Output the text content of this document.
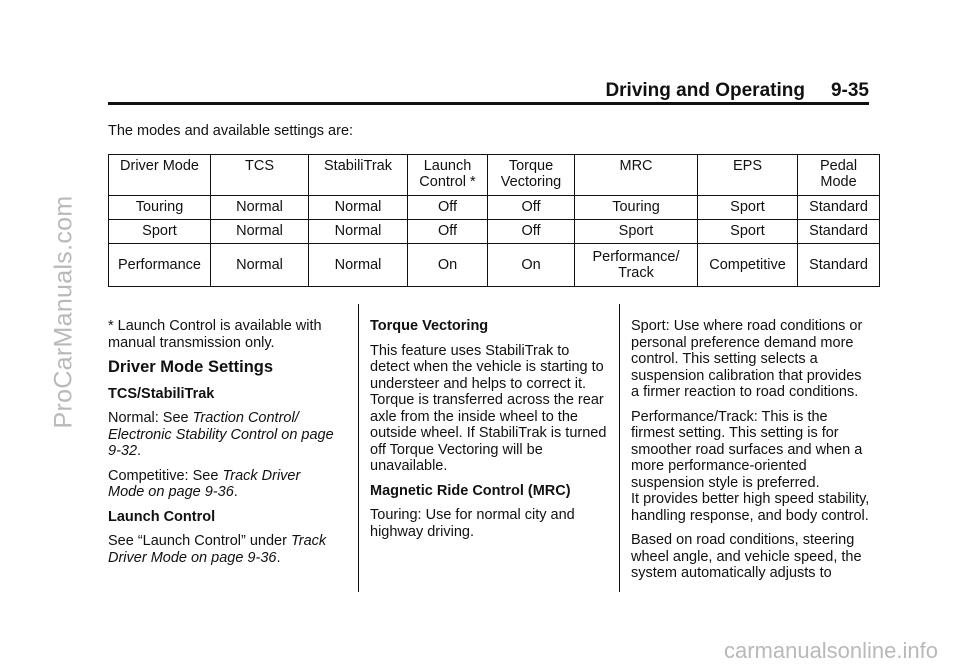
ProCarManuals.com
carmanualsonline.info
Driving and Operating 9-35
The modes and available settings are:
Driver Mode	TCS	StabiliTrak	Launch Control *	Torque Vectoring	MRC	EPS	Pedal Mode
Touring	Normal	Normal	Off	Off	Touring	Sport	Standard
Sport	Normal	Normal	Off	Off	Sport	Sport	Standard
Performance	Normal	Normal	On	On	Performance/ Track	Competitive	Standard

* Launch Control is available with manual transmission only.

Driver Mode Settings
TCS/StabiliTrak

Normal: See Traction Control/ Electronic Stability Control on page 9-32.

Competitive: See Track Driver Mode on page 9-36.

Launch Control

See “Launch Control” under Track Driver Mode on page 9-36.

Torque Vectoring

This feature uses StabiliTrak to detect when the vehicle is starting to understeer and helps to correct it. Torque is transferred across the rear axle from the inside wheel to the outside wheel. If StabiliTrak is turned off Torque Vectoring will be unavailable.

Magnetic Ride Control (MRC)

Touring: Use for normal city and highway driving.

Sport: Use where road conditions or personal preference demand more control. This setting selects a suspension calibration that provides a firmer reaction to road conditions.

Performance/Track: This is the firmest setting. This setting is for smoother road surfaces and when a more performance-oriented suspension style is preferred.

It provides better high speed stability, handling response, and body control.

Based on road conditions, steering wheel angle, and vehicle speed, the system automatically adjusts to
